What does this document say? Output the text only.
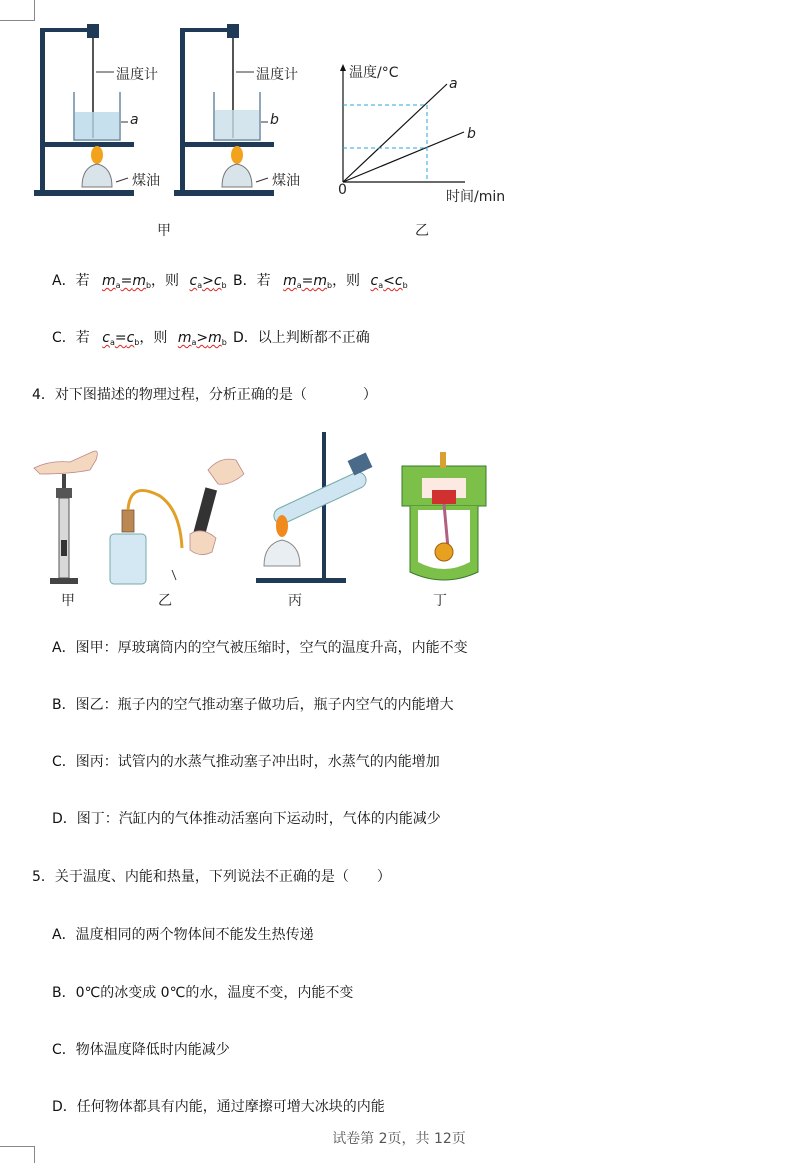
温度计
a
煤油
温度计
b
煤油
甲
温度/°C
a
b
0	时间/min
乙
A．若 $m_a=m_b$，则 $c_a>c_b$ B．若 $m_a=m_b$，则 $c_a<c_b$
C．若 $c_a=c_b$，则 $m_a>m_b$ D．以上判断都不正确
4．对下图描述的物理过程，分析正确的是（　　　　）
甲	乙	丙	丁
A．图甲：厚玻璃筒内的空气被压缩时，空气的温度升高，内能不变
B．图乙：瓶子内的空气推动塞子做功后，瓶子内空气的内能增大
C．图丙：试管内的水蒸气推动塞子冲出时，水蒸气的内能增加
D．图丁：汽缸内的气体推动活塞向下运动时，气体的内能减少
5．关于温度、内能和热量，下列说法不正确的是（　　）
A．温度相同的两个物体间不能发生热传递
B．0℃的冰变成 0℃的水，温度不变，内能不变
C．物体温度降低时内能减少
D．任何物体都具有内能，通过摩擦可增大冰块的内能
试卷第 2页，共 12页
